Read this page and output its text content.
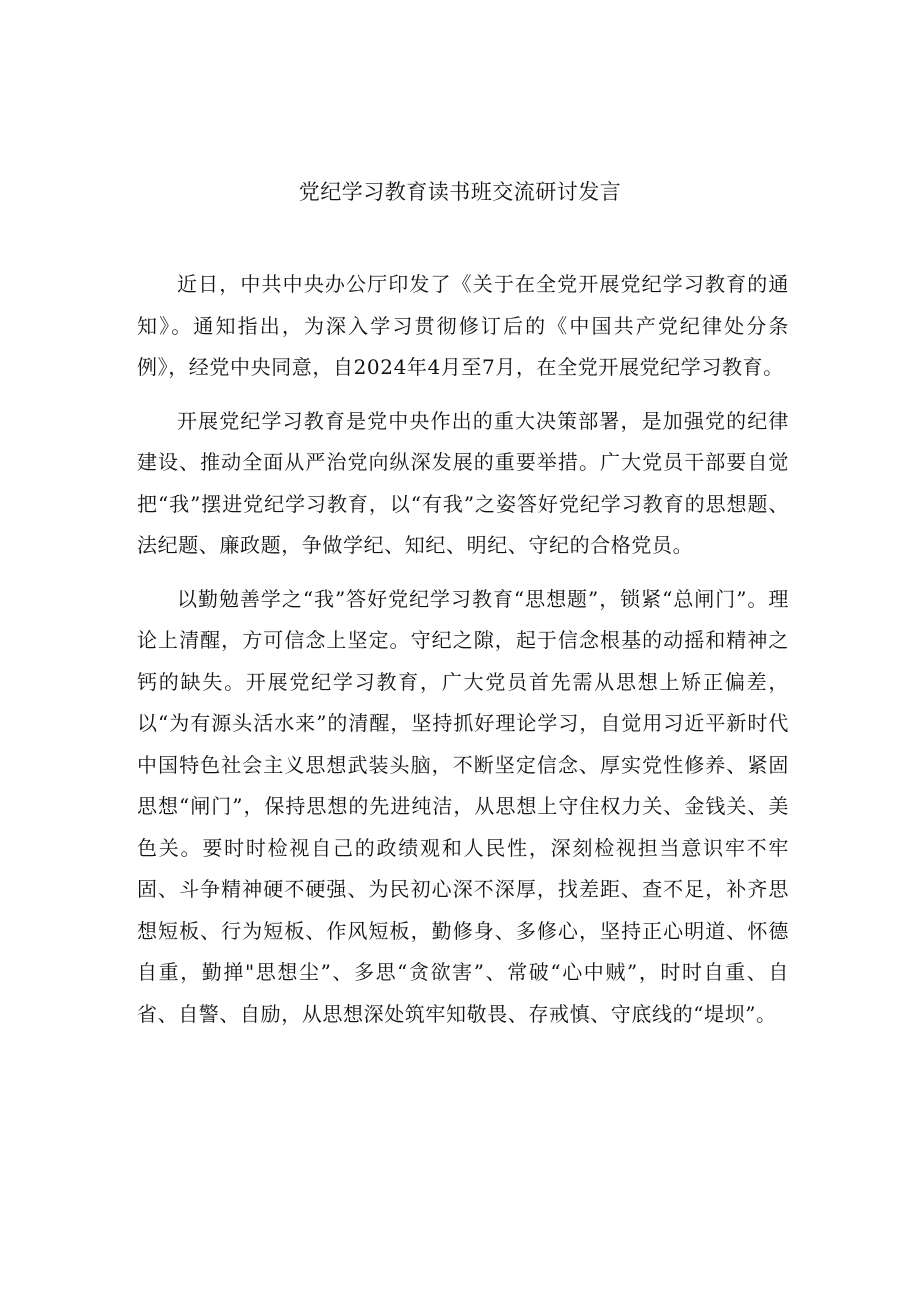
党纪学习教育读书班交流研讨发言

近日，中共中央办公厅印发了《关于在全党开展党纪学习教育的通知》。通知指出，为深入学习贯彻修订后的《中国共产党纪律处分条例》，经党中央同意，自2024年4月至7月，在全党开展党纪学习教育。

开展党纪学习教育是党中央作出的重大决策部署，是加强党的纪律建设、推动全面从严治党向纵深发展的重要举措。广大党员干部要自觉把“我”摆进党纪学习教育，以“有我”之姿答好党纪学习教育的思想题、法纪题、廉政题，争做学纪、知纪、明纪、守纪的合格党员。

以勤勉善学之“我”答好党纪学习教育“思想题”，锁紧“总闸门”。理论上清醒，方可信念上坚定。守纪之隙，起于信念根基的动摇和精神之钙的缺失。开展党纪学习教育，广大党员首先需从思想上矫正偏差，以“为有源头活水来”的清醒，坚持抓好理论学习，自觉用习近平新时代中国特色社会主义思想武装头脑，不断坚定信念、厚实党性修养、紧固思想“闸门”，保持思想的先进纯洁，从思想上守住权力关、金钱关、美色关。要时时检视自己的政绩观和人民性，深刻检视担当意识牢不牢固、斗争精神硬不硬强、为民初心深不深厚，找差距、查不足，补齐思想短板、行为短板、作风短板，勤修身、多修心，坚持正心明道、怀德自重，勤掸"思想尘”、多思“贪欲害”、常破“心中贼”，时时自重、自省、自警、自励，从思想深处筑牢知敬畏、存戒慎、守底线的“堤坝”。
